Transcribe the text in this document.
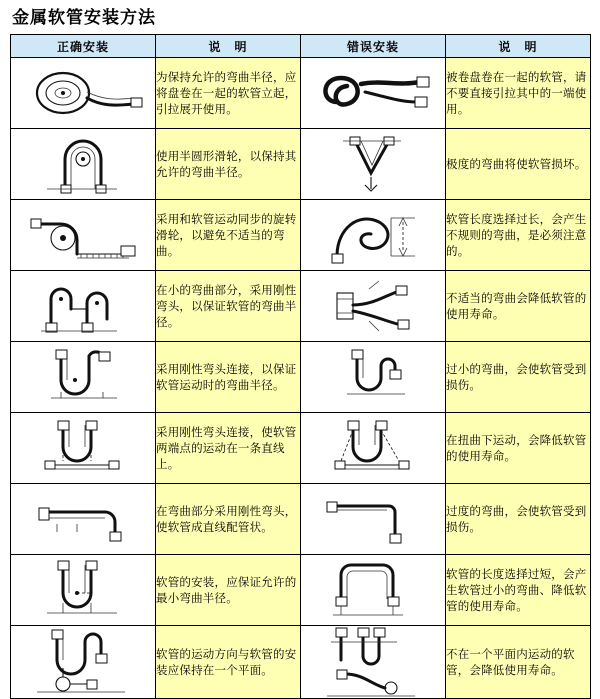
金属软管安装方法
正确安装	说　明	错误安装	说　明

	为保持允许的弯曲半径，应将盘卷在一起的软管立起，引拉展开使用。		被卷盘卷在一起的软管，请不要直接引拉其中的一端使用。

	使用半圆形滑轮，以保持其允许的弯曲半径。		极度的弯曲将使软管损坏。

	采用和软管运动同步的旋转滑轮，以避免不适当的弯曲。		软管长度选择过长，会产生不规则的弯曲，是必须注意的。

	在小的弯曲部分，采用刚性弯头，以保证软管的弯曲半径。		不适当的弯曲会降低软管的使用寿命。

	采用刚性弯头连接，以保证软管运动时的弯曲半径。		过小的弯曲，会使软管受到损伤。

	采用刚性弯头连接，使软管两端点的运动在一条直线上。		在扭曲下运动，会降低软管的使用寿命。

	在弯曲部分采用刚性弯头，使软管成直线配管状。		过度的弯曲，会使软管受到损伤。

	软管的安装，应保证允许的最小弯曲半径。		软管的长度选择过短，会产生软管过小的弯曲、降低软管的使用寿命。

	软管的运动方向与软管的安装应保持在一个平面。		不在一个平面内运动的软管，会降低使用寿命。
